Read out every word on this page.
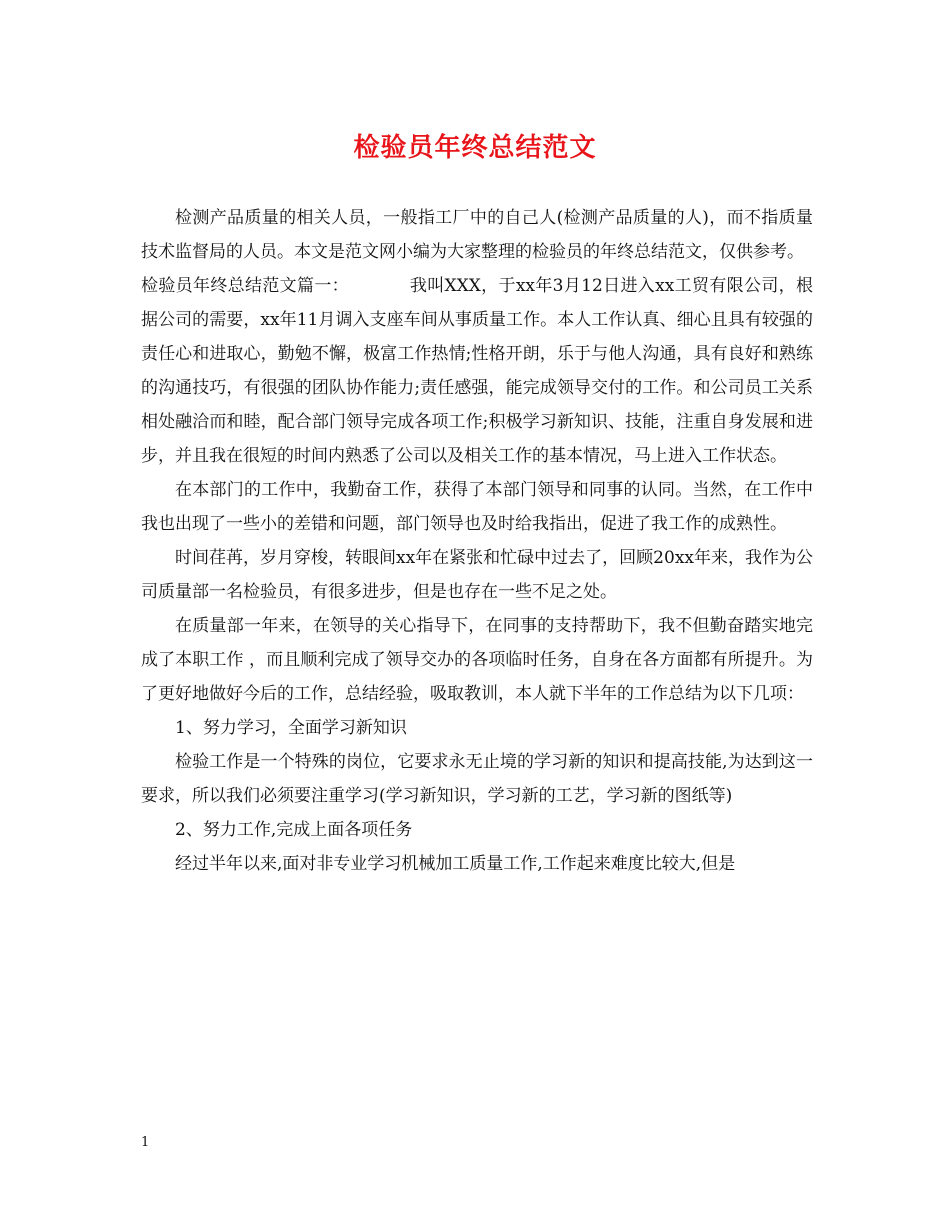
检验员年终总结范文

检测产品质量的相关人员，一般指工厂中的自己人(检测产品质量的人)，而不指质量技术监督局的人员。本文是范文网小编为大家整理的检验员的年终总结范文，仅供参考。

检验员年终总结范文篇一：　　　　我叫XXX，于xx年3月12日进入xx工贸有限公司，根据公司的需要，xx年11月调入支座车间从事质量工作。本人工作认真、细心且具有较强的责任心和进取心，勤勉不懈，极富工作热情;性格开朗，乐于与他人沟通，具有良好和熟练的沟通技巧，有很强的团队协作能力;责任感强，能完成领导交付的工作。和公司员工关系相处融洽而和睦，配合部门领导完成各项工作;积极学习新知识、技能，注重自身发展和进步，并且我在很短的时间内熟悉了公司以及相关工作的基本情况，马上进入工作状态。

在本部门的工作中，我勤奋工作，获得了本部门领导和同事的认同。当然，在工作中我也出现了一些小的差错和问题，部门领导也及时给我指出，促进了我工作的成熟性。

时间荏苒，岁月穿梭，转眼间xx年在紧张和忙碌中过去了，回顾20xx年来，我作为公司质量部一名检验员，有很多进步，但是也存在一些不足之处。

在质量部一年来，在领导的关心指导下，在同事的支持帮助下，我不但勤奋踏实地完成了本职工作 ，而且顺利完成了领导交办的各项临时任务，自身在各方面都有所提升。为了更好地做好今后的工作，总结经验，吸取教训，本人就下半年的工作总结为以下几项：

1、努力学习，全面学习新知识

检验工作是一个特殊的岗位，它要求永无止境的学习新的知识和提高技能,为达到这一要求，所以我们必须要注重学习(学习新知识，学习新的工艺，学习新的图纸等)

2、努力工作,完成上面各项任务

经过半年以来,面对非专业学习机械加工质量工作,工作起来难度比较大,但是

1
